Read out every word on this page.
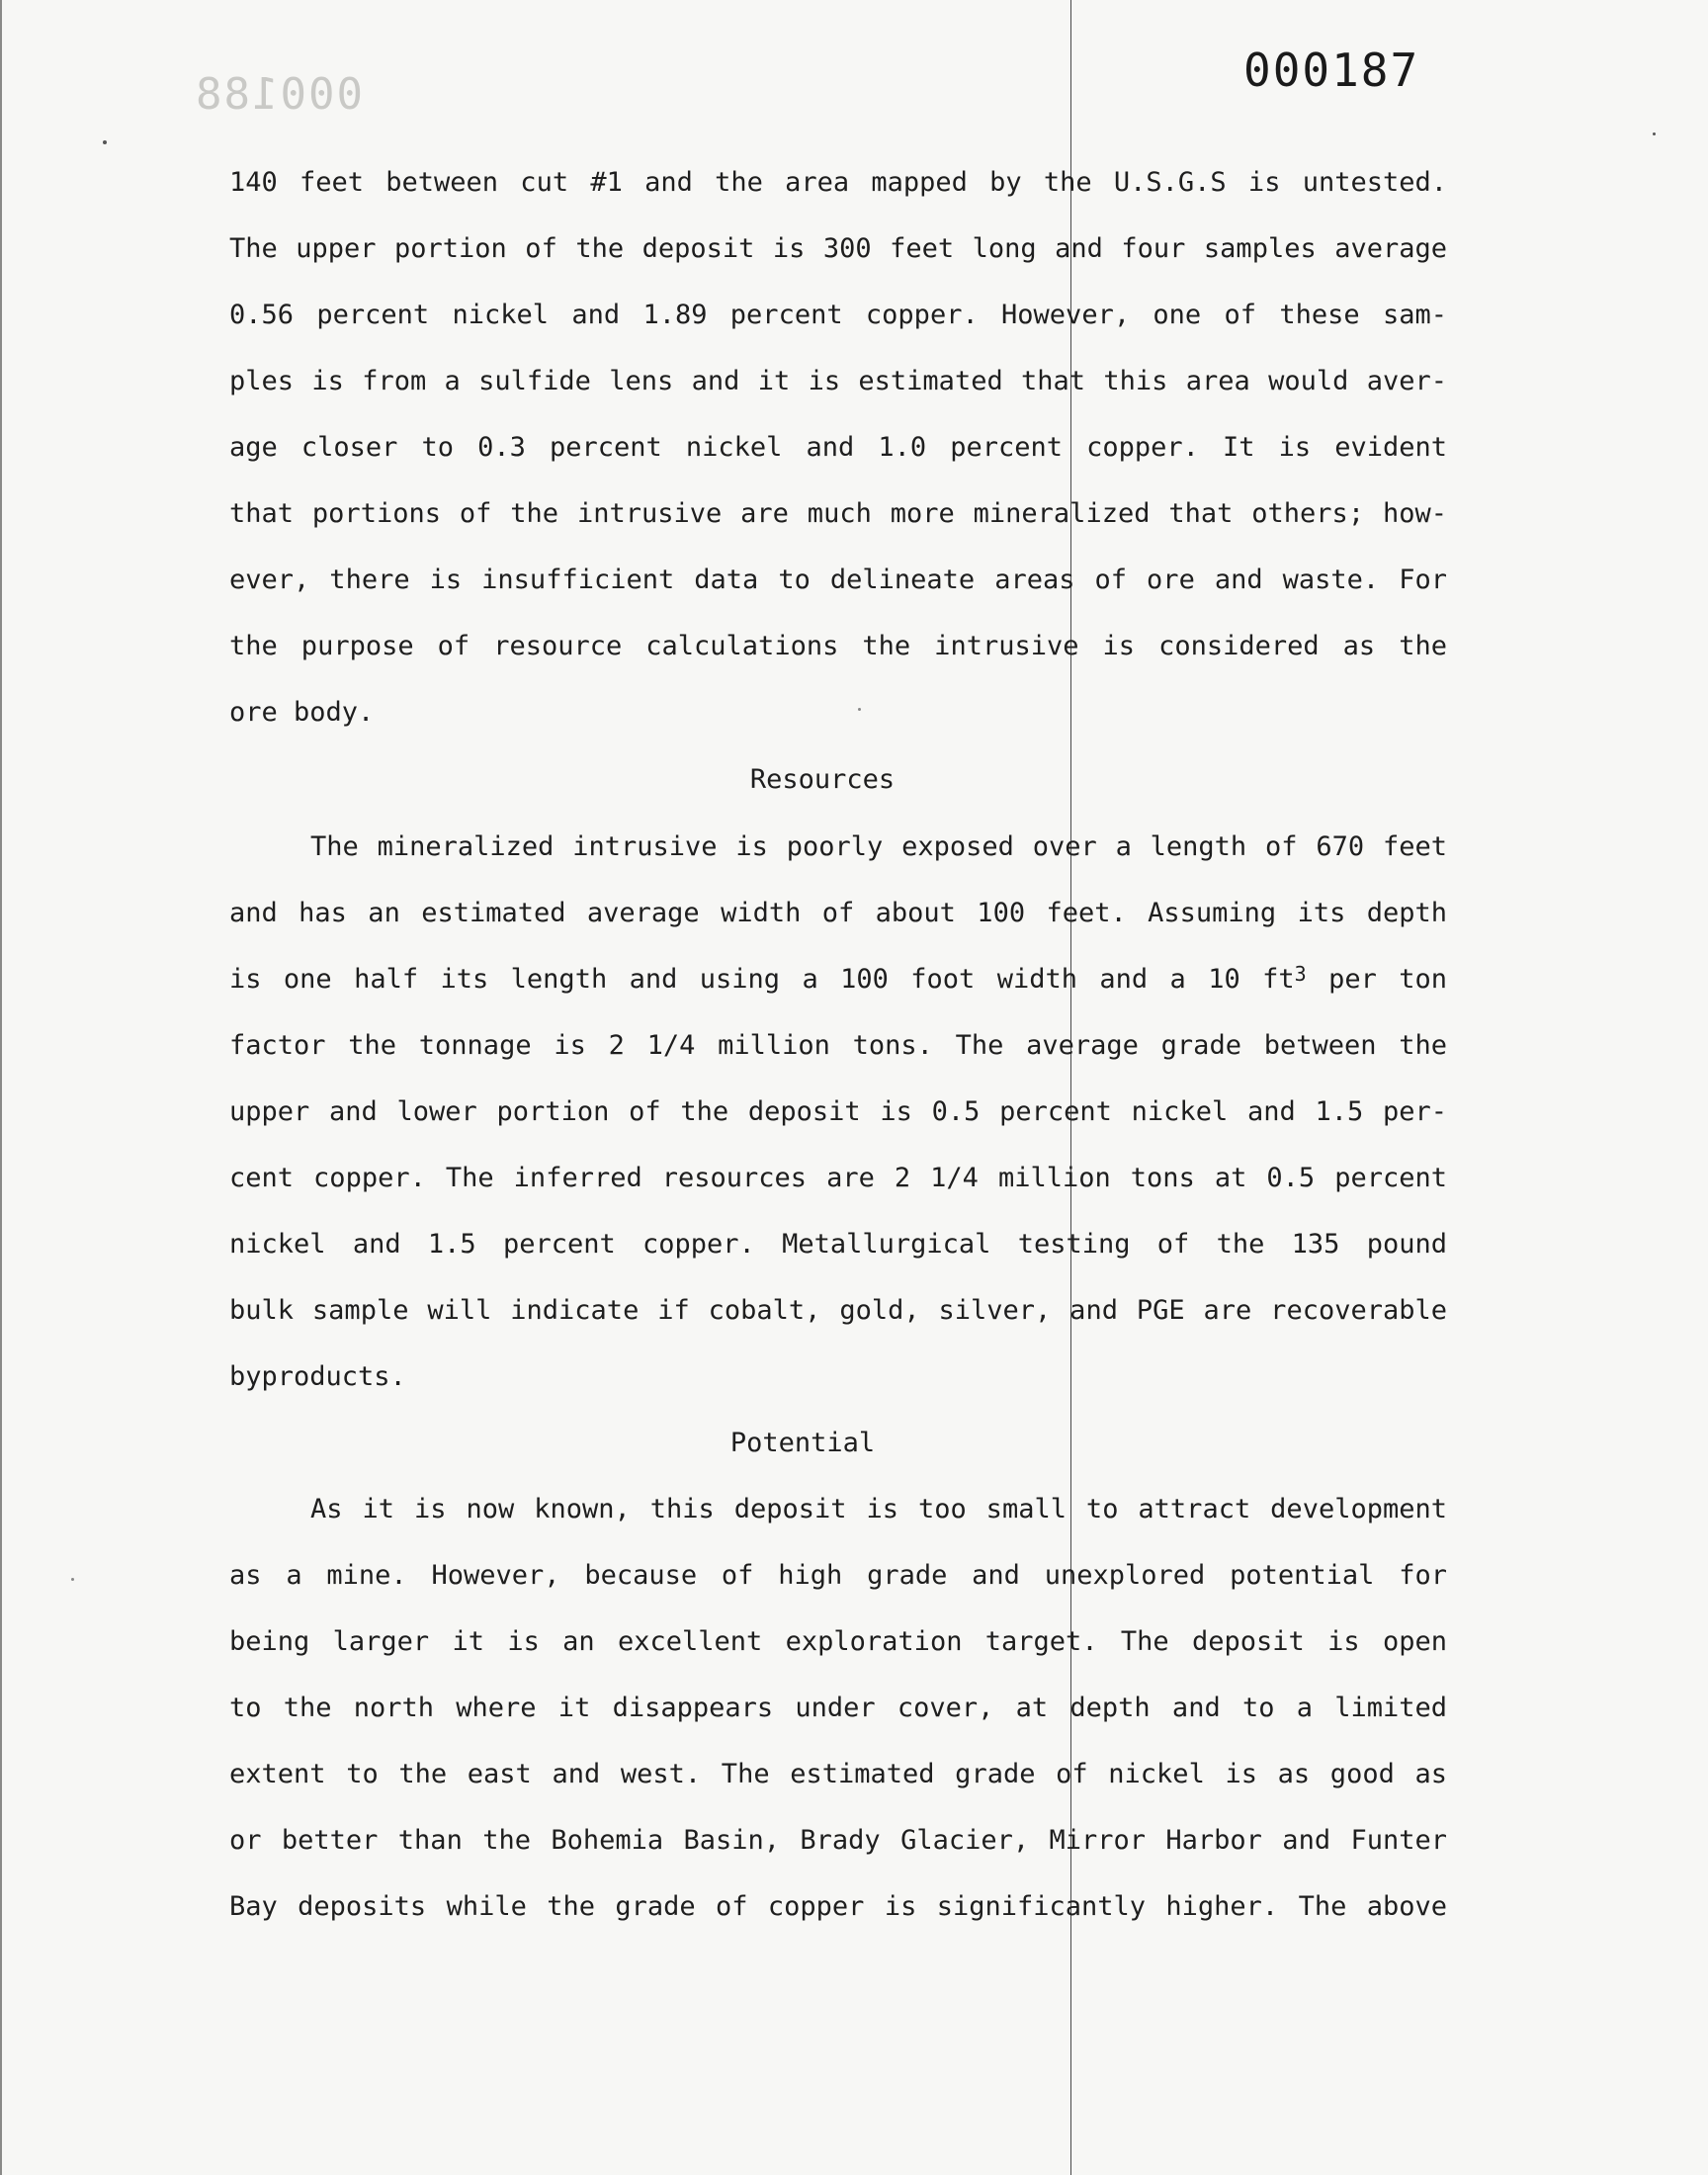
000188	000187
140 feet between cut #1 and the area mapped by the U.S.G.S is untested.
The upper portion of the deposit is 300 feet long and four samples average
0.56 percent nickel and 1.89 percent copper. However, one of these sam-
ples is from a sulfide lens and it is estimated that this area would aver-
age closer to 0.3 percent nickel and 1.0 percent copper. It is evident
that portions of the intrusive are much more mineralized that others; how-
ever, there is insufficient data to delineate areas of ore and waste. For
the purpose of resource calculations the intrusive is considered as the
ore body.
Resources
The mineralized intrusive is poorly exposed over a length of 670 feet
and has an estimated average width of about 100 feet. Assuming its depth
is one half its length and using a 100 foot width and a 10 $ft^3$ per ton
factor the tonnage is 2 1/4 million tons. The average grade between the
upper and lower portion of the deposit is 0.5 percent nickel and 1.5 per-
cent copper. The inferred resources are 2 1/4 million tons at 0.5 percent
nickel and 1.5 percent copper. Metallurgical testing of the 135 pound
bulk sample will indicate if cobalt, gold, silver, and PGE are recoverable
byproducts.
Potential
As it is now known, this deposit is too small to attract development
as a mine. However, because of high grade and unexplored potential for
being larger it is an excellent exploration target. The deposit is open
to the north where it disappears under cover, at depth and to a limited
extent to the east and west. The estimated grade of nickel is as good as
or better than the Bohemia Basin, Brady Glacier, Mirror Harbor and Funter
Bay deposits while the grade of copper is significantly higher. The above
